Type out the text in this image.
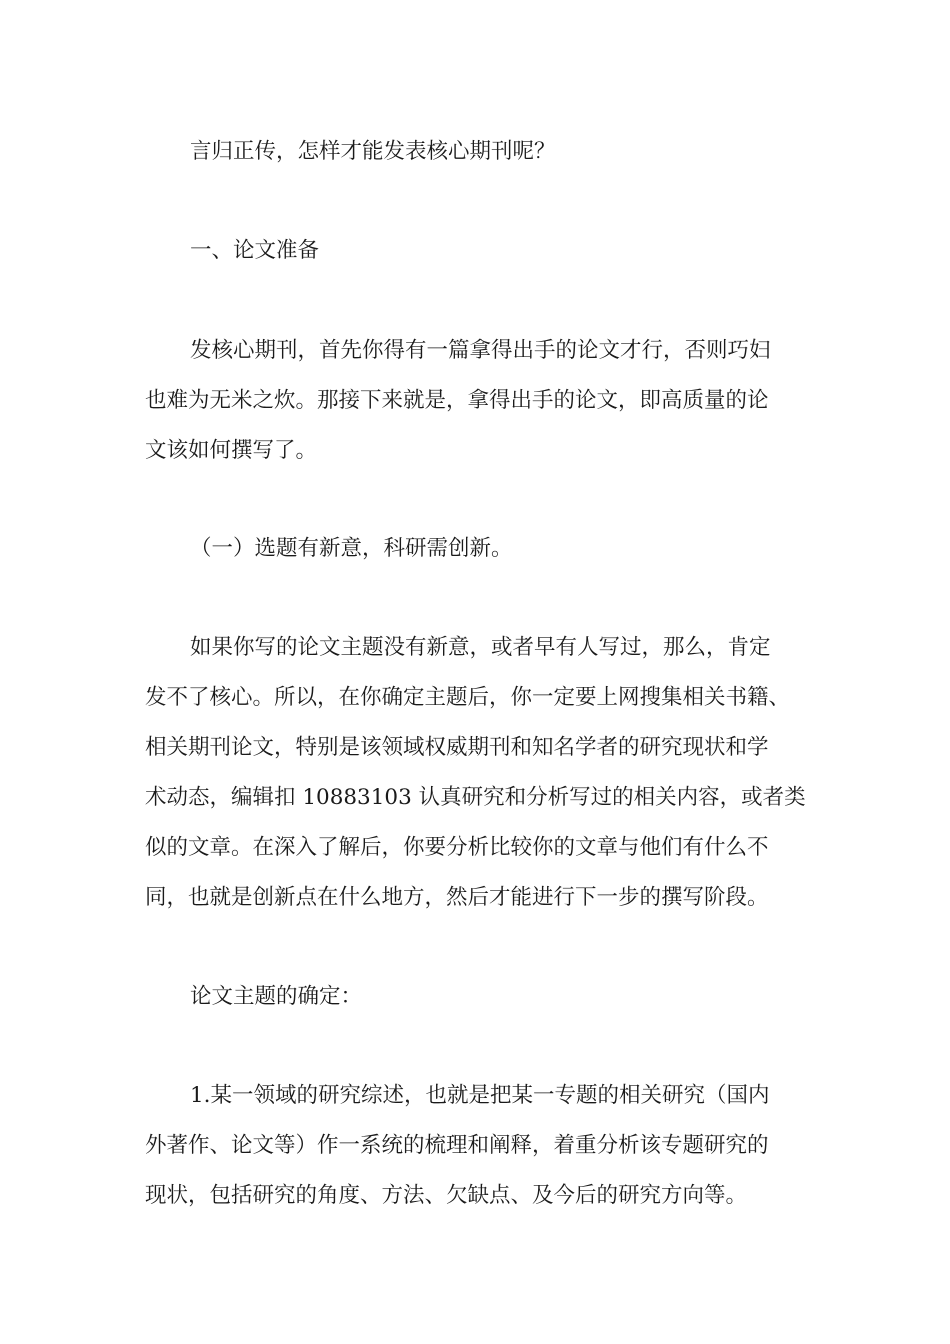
言归正传，怎样才能发表核心期刊呢？
一、论文准备
发核心期刊，首先你得有一篇拿得出手的论文才行，否则巧妇
也难为无米之炊。那接下来就是，拿得出手的论文，即高质量的论
文该如何撰写了。
（一）选题有新意，科研需创新。
如果你写的论文主题没有新意，或者早有人写过，那么，肯定
发不了核心。所以，在你确定主题后，你一定要上网搜集相关书籍、
相关期刊论文，特别是该领域权威期刊和知名学者的研究现状和学
术动态，编辑扣 10883103 认真研究和分析写过的相关内容，或者类
似的文章。在深入了解后，你要分析比较你的文章与他们有什么不
同，也就是创新点在什么地方，然后才能进行下一步的撰写阶段。
论文主题的确定：
1.某一领域的研究综述，也就是把某一专题的相关研究（国内
外著作、论文等）作一系统的梳理和阐释，着重分析该专题研究的
现状，包括研究的角度、方法、欠缺点、及今后的研究方向等。
